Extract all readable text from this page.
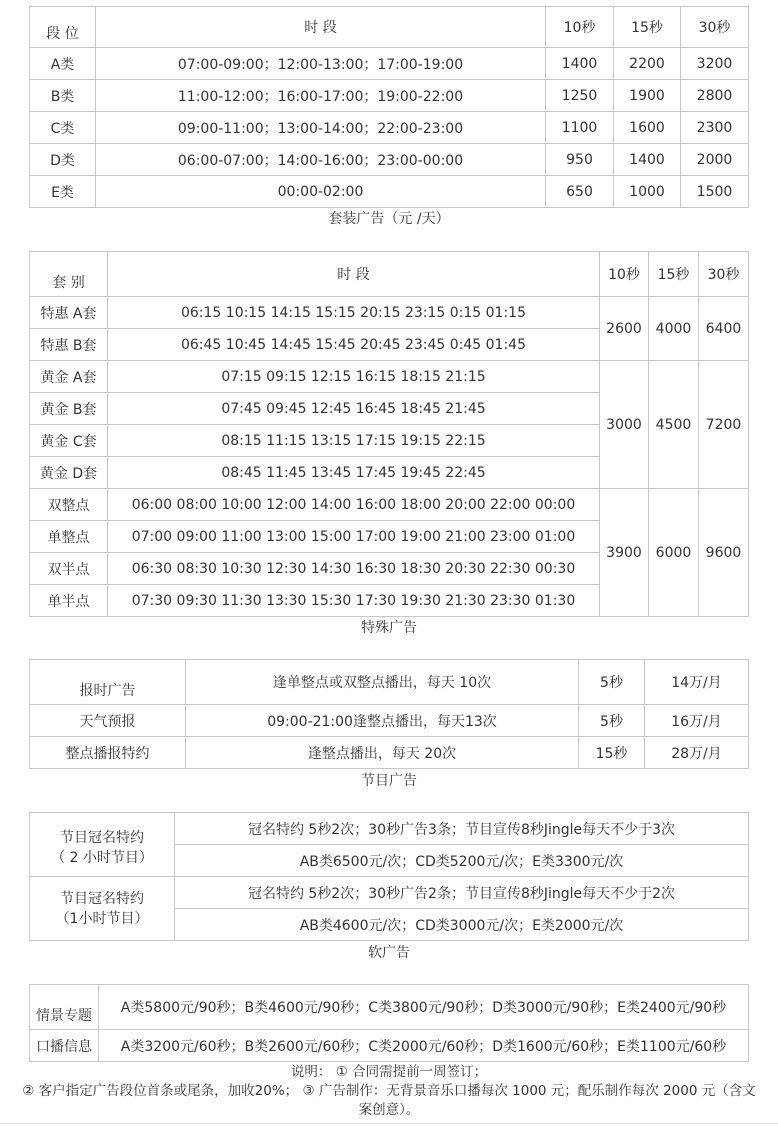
段 位	时 段	10秒	15秒	30秒
A类	07:00-09:00；12:00-13:00；17:00-19:00	1400	2200	3200
B类	11:00-12:00；16:00-17:00；19:00-22:00	1250	1900	2800
C类	09:00-11:00；13:00-14:00；22:00-23:00	1100	1600	2300
D类	06:00-07:00；14:00-16:00；23:00-00:00	950	1400	2000
E类	00:00-02:00	650	1000	1500
套装广告（元 /天）
套 别	时 段	10秒	15秒	30秒
特惠 A套	06:15 10:15 14:15 15:15 20:15 23:15 0:15 01:15	2600	4000	6400
特惠 B套	06:45 10:45 14:45 15:45 20:45 23:45 0:45 01:45			
黄金 A套	07:15 09:15 12:15 16:15 18:15 21:15	3000	4500	7200
黄金 B套	07:45 09:45 12:45 16:45 18:45 21:45			
黄金 C套	08:15 11:15 13:15 17:15 19:15 22:15			
黄金 D套	08:45 11:45 13:45 17:45 19:45 22:45			
双整点	06:00 08:00 10:00 12:00 14:00 16:00 18:00 20:00 22:00 00:00	3900	6000	9600
单整点	07:00 09:00 11:00 13:00 15:00 17:00 19:00 21:00 23:00 01:00			
双半点	06:30 08:30 10:30 12:30 14:30 16:30 18:30 20:30 22:30 00:30			
单半点	07:30 09:30 11:30 13:30 15:30 17:30 19:30 21:30 23:30 01:30			
特殊广告
报时广告	逢单整点或双整点播出，每天 10次	5秒	14万/月
天气预报	09:00-21:00逢整点播出，每天13次	5秒	16万/月
整点播报特约	逢整点播出，每天 20次	15秒	28万/月
节目广告
节目冠名特约
（ 2 小时节目）	冠名特约 5秒2次；30秒广告3条；节目宣传8秒Jingle每天不少于3次
	AB类6500元/次；CD类5200元/次；E类3300元/次

节目冠名特约
（1小时节目）	冠名特约 5秒2次；30秒广告2条；节目宣传8秒Jingle每天不少于2次
	AB类4600元/次；CD类3000元/次；E类2000元/次
软广告
情景专题	A类5800元/90秒；B类4600元/90秒；C类3800元/90秒；D类3000元/90秒；E类2400元/90秒
口播信息	A类3200元/60秒；B类2600元/60秒；C类2000元/60秒；D类1600元/60秒；E类1100元/60秒
说明： ① 合同需提前一周签订；
② 客户指定广告段位首条或尾条，加收20%； ③ 广告制作：无背景音乐口播每次 1000 元；配乐制作每次 2000 元（含文
案创意）。
